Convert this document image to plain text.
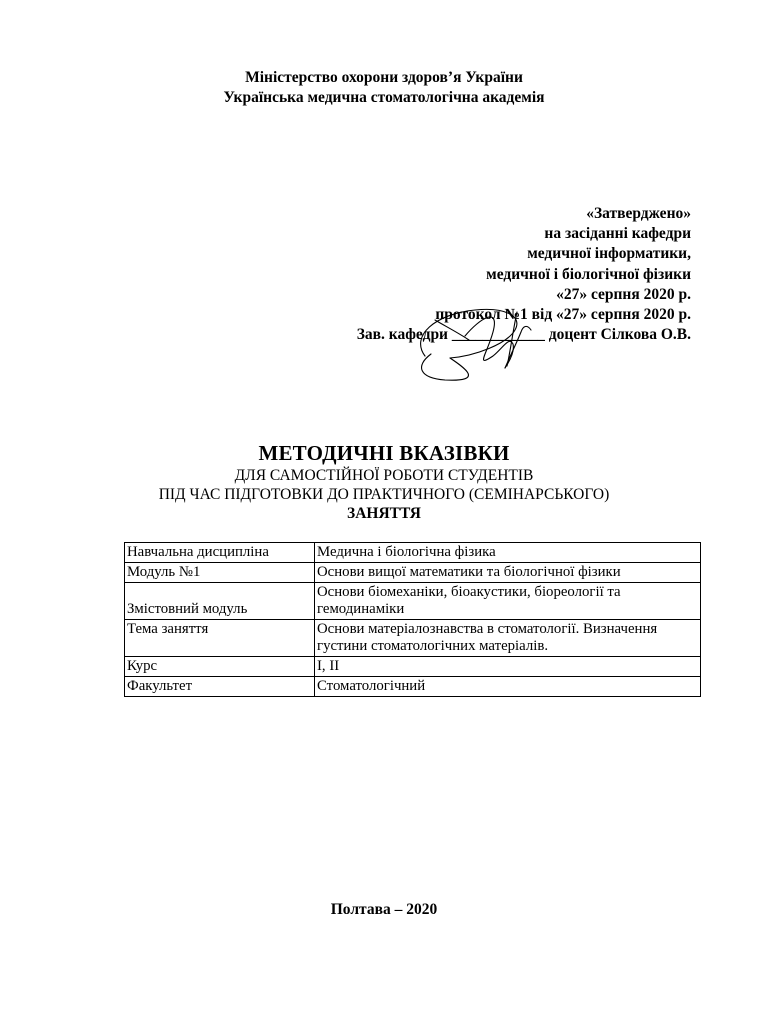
Міністерство охорони здоров’я України
Українська медична стоматологічна академія
«Затверджено»
на засіданні кафедри
медичної інформатики,
медичної і біологічної фізики
«27» серпня 2020 р.
протокол №1 від «27» серпня 2020 р.
Зав. кафедри ____________ доцент Сілкова О.В.
МЕТОДИЧНІ ВКАЗІВКИ
ДЛЯ САМОСТІЙНОЇ РОБОТИ СТУДЕНТІВ
ПІД ЧАС ПІДГОТОВКИ ДО ПРАКТИЧНОГО (СЕМІНАРСЬКОГО)
ЗАНЯТТЯ
Навчальна дисципліна	Медична і біологічна фізика
Модуль №1	Основи вищої математики та біологічної фізики
Змістовний модуль	Основи біомеханіки, біоакустики, біореології та гемодинаміки
Тема заняття	Основи матеріалознавства в стоматології. Визначення густини стоматологічних матеріалів.
Курс	І, ІІ
Факультет	Стоматологічний
Полтава – 2020
